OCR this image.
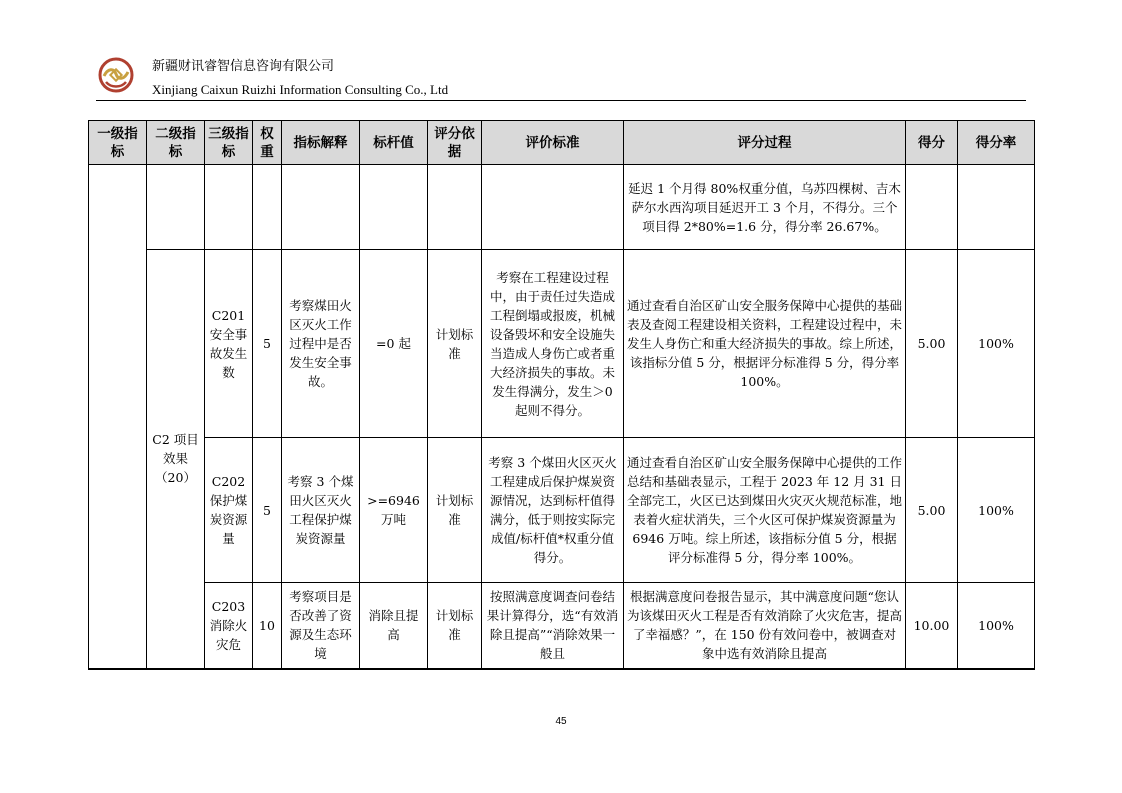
新疆财讯睿智信息咨询有限公司
Xinjiang Caixun Ruizhi Information Consulting Co., Ltd
一级指标	二级指标	三级指标	权重	指标解释	标杆值	评分依据	评价标准	评分过程	得分	得分率
								延迟 1 个月得 80%权重分值，乌苏四棵树、吉木萨尔水西沟项目延迟开工 3 个月，不得分。三个项目得 2*80%=1.6 分，得分率 26.67%。		
	C2 项目效果（20）	C201 安全事故发生数	5	考察煤田火区灭火工作过程中是否发生安全事故。	=0 起	计划标准	考察在工程建设过程中，由于责任过失造成工程倒塌或报废，机械设备毁坏和安全设施失当造成人身伤亡或者重大经济损失的事故。未发生得满分，发生＞0 起则不得分。	通过查看自治区矿山安全服务保障中心提供的基础表及查阅工程建设相关资料，工程建设过程中，未发生人身伤亡和重大经济损失的事故。综上所述，该指标分值 5 分，根据评分标准得 5 分，得分率 100%。	5.00	100%
		C202 保护煤炭资源量	5	考察 3 个煤田火区灭火工程保护煤炭资源量	>=6946 万吨	计划标准	考察 3 个煤田火区灭火工程建成后保护煤炭资源情况，达到标杆值得满分，低于则按实际完成值/标杆值*权重分值得分。	通过查看自治区矿山安全服务保障中心提供的工作总结和基础表显示，工程于 2023 年 12 月 31 日全部完工，火区已达到煤田火灾灭火规范标准，地表着火症状消失，三个火区可保护煤炭资源量为 6946 万吨。综上所述，该指标分值 5 分，根据评分标准得 5 分，得分率 100%。	5.00	100%
		C203 消除火灾危	10	考察项目是否改善了资源及生态环境	消除且提高	计划标准	按照满意度调查问卷结果计算得分，选“有效消除且提高”“消除效果一般且	根据满意度问卷报告显示，其中满意度问题“您认为该煤田灭火工程是否有效消除了火灾危害，提高了幸福感？”，在 150 份有效问卷中，被调查对象中选有效消除且提高	10.00	100%
45
